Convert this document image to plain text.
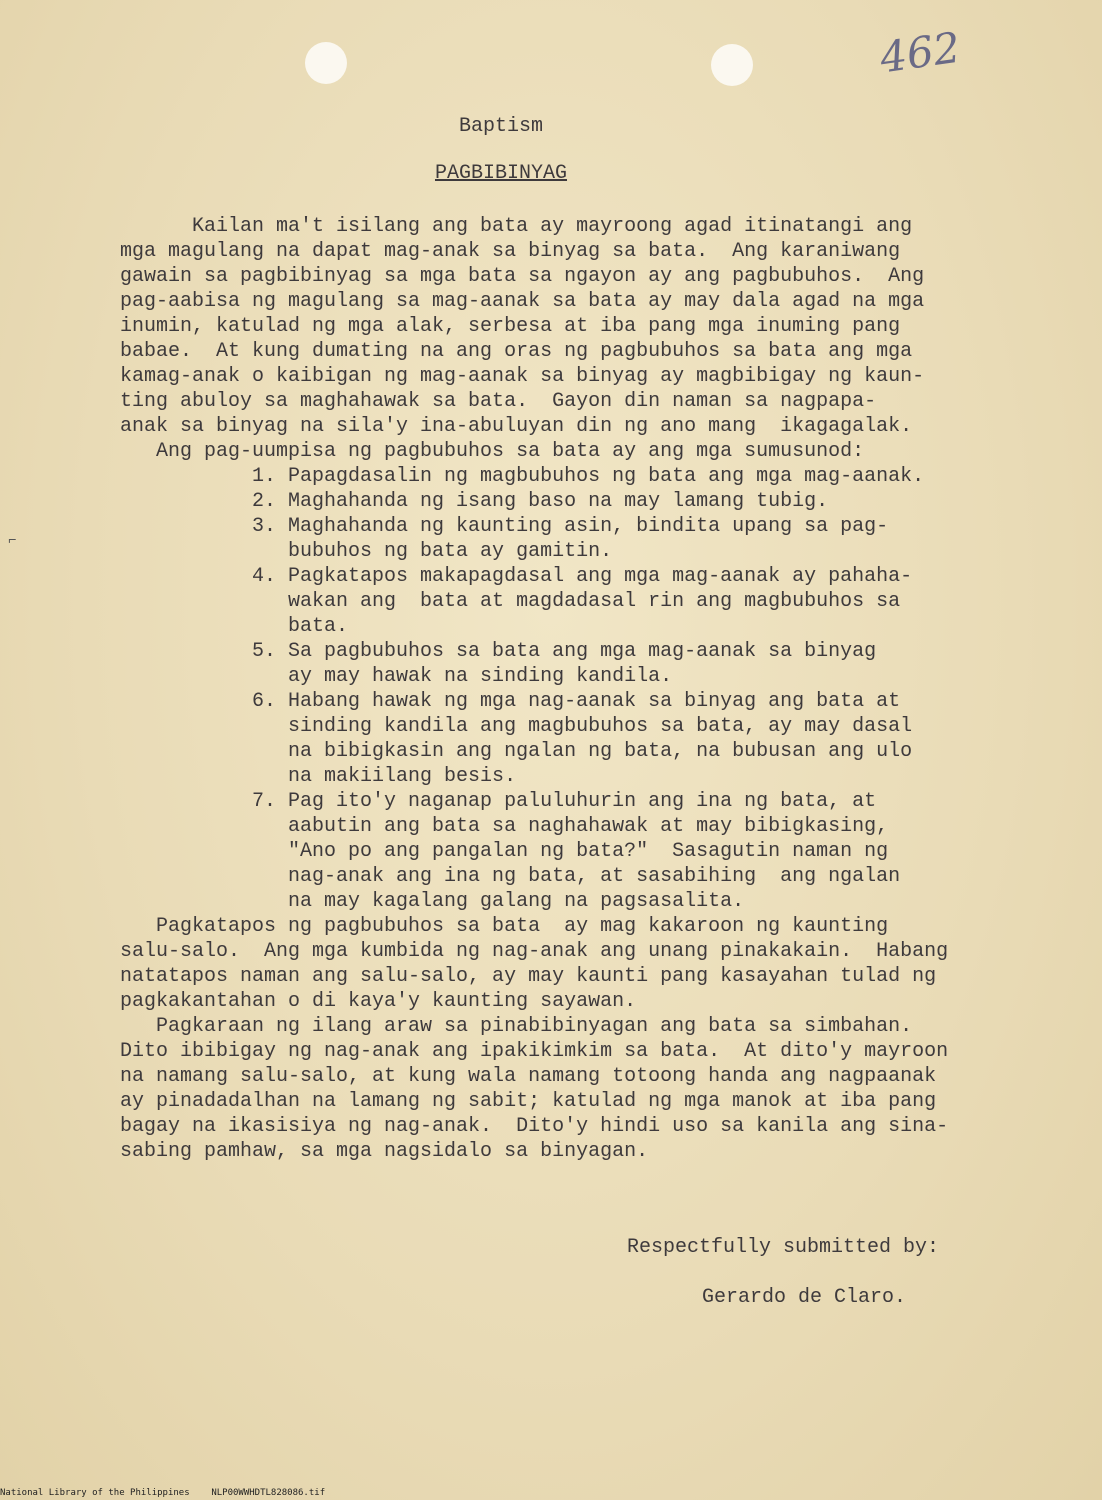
462
⌐
Baptism
PAGBIBINYAG
Kailan ma't isilang ang bata ay mayroong agad itinatangi ang
mga magulang na dapat mag-anak sa binyag sa bata.  Ang karaniwang
gawain sa pagbibinyag sa mga bata sa ngayon ay ang pagbubuhos.  Ang
pag-aabisa ng magulang sa mag-aanak sa bata ay may dala agad na mga
inumin, katulad ng mga alak, serbesa at iba pang mga inuming pang
babae.  At kung dumating na ang oras ng pagbubuhos sa bata ang mga
kamag-anak o kaibigan ng mag-aanak sa binyag ay magbibigay ng kaun-
ting abuloy sa maghahawak sa bata.  Gayon din naman sa nagpapa-
anak sa binyag na sila'y ina-abuluyan din ng ano mang  ikagagalak.
Ang pag-uumpisa ng pagbubuhos sa bata ay ang mga sumusunod:
1. Papagdasalin ng magbubuhos ng bata ang mga mag-aanak.
2. Maghahanda ng isang baso na may lamang tubig.
3. Maghahanda ng kaunting asin, bindita upang sa pag-
bubuhos ng bata ay gamitin.
4. Pagkatapos makapagdasal ang mga mag-aanak ay pahaha-
wakan ang  bata at magdadasal rin ang magbubuhos sa
bata.
5. Sa pagbubuhos sa bata ang mga mag-aanak sa binyag
ay may hawak na sinding kandila.
6. Habang hawak ng mga nag-aanak sa binyag ang bata at
sinding kandila ang magbubuhos sa bata, ay may dasal
na bibigkasin ang ngalan ng bata, na bubusan ang ulo
na makiilang besis.
7. Pag ito'y naganap paluluhurin ang ina ng bata, at
aabutin ang bata sa naghahawak at may bibigkasing,
"Ano po ang pangalan ng bata?"  Sasagutin naman ng
nag-anak ang ina ng bata, at sasabihing  ang ngalan
na may kagalang galang na pagsasalita.
Pagkatapos ng pagbubuhos sa bata  ay mag kakaroon ng kaunting
salu-salo.  Ang mga kumbida ng nag-anak ang unang pinakakain.  Habang
natatapos naman ang salu-salo, ay may kaunti pang kasayahan tulad ng
pagkakantahan o di kaya'y kaunting sayawan.
Pagkaraan ng ilang araw sa pinabibinyagan ang bata sa simbahan.
Dito ibibigay ng nag-anak ang ipakikimkim sa bata.  At dito'y mayroon
na namang salu-salo, at kung wala namang totoong handa ang nagpaanak
ay pinadadalhan na lamang ng sabit; katulad ng mga manok at iba pang
bagay na ikasisiya ng nag-anak.  Dito'y hindi uso sa kanila ang sina-
sabing pamhaw, sa mga nagsidalo sa binyagan.
Respectfully submitted by:
Gerardo de Claro.
National Library of the Philippines    NLP00WWHDTL828086.tif
